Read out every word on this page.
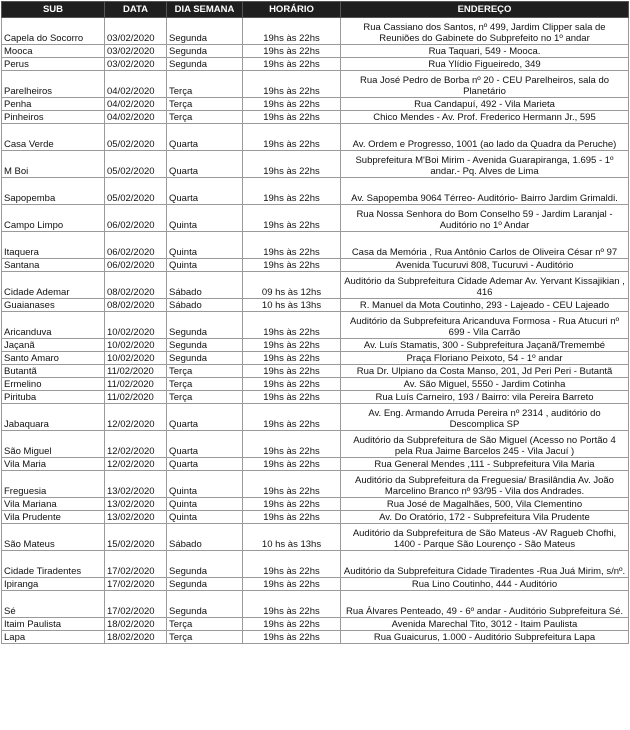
SUB	DATA	DIA SEMANA	HORÁRIO	ENDEREÇO
Capela do Socorro	03/02/2020	Segunda	19hs às 22hs	Rua Cassiano dos Santos, nº 499, Jardim Clipper sala de Reuniões do Gabinete do Subprefeito no 1º andar
Mooca	03/02/2020	Segunda	19hs às 22hs	Rua Taquari, 549 - Mooca.
Perus	03/02/2020	Segunda	19hs às 22hs	Rua Ylídio Figueiredo, 349
Parelheiros	04/02/2020	Terça	19hs às 22hs	Rua José Pedro de Borba nº 20 - CEU Parelheiros, sala do Planetário
Penha	04/02/2020	Terça	19hs às 22hs	Rua Candapuí, 492 - Vila Marieta
Pinheiros	04/02/2020	Terça	19hs às 22hs	Chico Mendes - Av. Prof. Frederico Hermann Jr., 595
Casa Verde	05/02/2020	Quarta	19hs às 22hs	Av. Ordem e Progresso, 1001 (ao lado da Quadra da Peruche)
M Boi	05/02/2020	Quarta	19hs às 22hs	Subprefeitura M'Boi Mirim - Avenida Guarapiranga, 1.695 - 1º andar.- Pq. Alves de Lima
Sapopemba	05/02/2020	Quarta	19hs às 22hs	Av. Sapopemba 9064 Térreo- Auditório- Bairro Jardim Grimaldi.
Campo Limpo	06/02/2020	Quinta	19hs às 22hs	Rua Nossa Senhora do Bom Conselho 59 - Jardim Laranjal - Auditório no 1º Andar
Itaquera	06/02/2020	Quinta	19hs às 22hs	Casa da Memória , Rua Antônio Carlos de Oliveira César nº 97
Santana	06/02/2020	Quinta	19hs às 22hs	Avenida Tucuruvi 808, Tucuruvi - Auditório
Cidade Ademar	08/02/2020	Sábado	09 hs às 12hs	Auditório da Subprefeitura Cidade Ademar Av. Yervant Kissajikian , 416
Guaianases	08/02/2020	Sábado	10 hs às 13hs	R. Manuel da Mota Coutinho, 293 - Lajeado - CEU Lajeado
Aricanduva	10/02/2020	Segunda	19hs às 22hs	Auditório da Subprefeitura Aricanduva Formosa - Rua Atucuri nº 699 - Vila Carrão
Jaçanã	10/02/2020	Segunda	19hs às 22hs	Av. Luís Stamatis, 300 - Subprefeitura Jaçanã/Tremembé
Santo Amaro	10/02/2020	Segunda	19hs às 22hs	Praça Floriano Peixoto, 54 - 1º andar
Butantã	11/02/2020	Terça	19hs às 22hs	Rua Dr. Ulpiano da Costa Manso, 201, Jd Peri Peri - Butantã
Ermelino	11/02/2020	Terça	19hs às 22hs	Av. São Miguel, 5550 - Jardim Cotinha
Pirituba	11/02/2020	Terça	19hs às 22hs	Rua Luís Carneiro, 193 / Bairro: vila Pereira Barreto
Jabaquara	12/02/2020	Quarta	19hs às 22hs	Av. Eng. Armando Arruda Pereira nº 2314 , auditório do Descomplica SP
São Miguel	12/02/2020	Quarta	19hs às 22hs	Auditório da Subprefeitura de São Miguel (Acesso no Portão 4 pela Rua Jaime Barcelos 245 - Vila Jacuí )
Vila Maria	12/02/2020	Quarta	19hs às 22hs	Rua General Mendes ,111 - Subprefeitura Vila Maria
Freguesia	13/02/2020	Quinta	19hs às 22hs	Auditório da Subprefeitura da Freguesia/ Brasilândia Av. João Marcelino Branco nº 93/95 - Vila dos Andrades.
Vila Mariana	13/02/2020	Quinta	19hs às 22hs	Rua José de Magalhães, 500, Vila Clementino
Vila Prudente	13/02/2020	Quinta	19hs às 22hs	Av. Do Oratório, 172 - Subprefeitura Vila Prudente
São Mateus	15/02/2020	Sábado	10 hs às 13hs	Auditório da Subprefeitura de São Mateus -AV Ragueb Chofhi, 1400 - Parque São Lourenço - São Mateus
Cidade Tiradentes	17/02/2020	Segunda	19hs às 22hs	Auditório da Subprefeitura Cidade Tiradentes -Rua Juá Mirim, s/nº.
Ipiranga	17/02/2020	Segunda	19hs às 22hs	Rua Lino Coutinho, 444 - Auditório
Sé	17/02/2020	Segunda	19hs às 22hs	Rua Álvares Penteado, 49 - 6º andar - Auditório Subprefeitura Sé.
Itaim Paulista	18/02/2020	Terça	19hs às 22hs	Avenida Marechal Tito, 3012 - Itaim Paulista
Lapa	18/02/2020	Terça	19hs às 22hs	Rua Guaicurus, 1.000 - Auditório Subprefeitura Lapa
